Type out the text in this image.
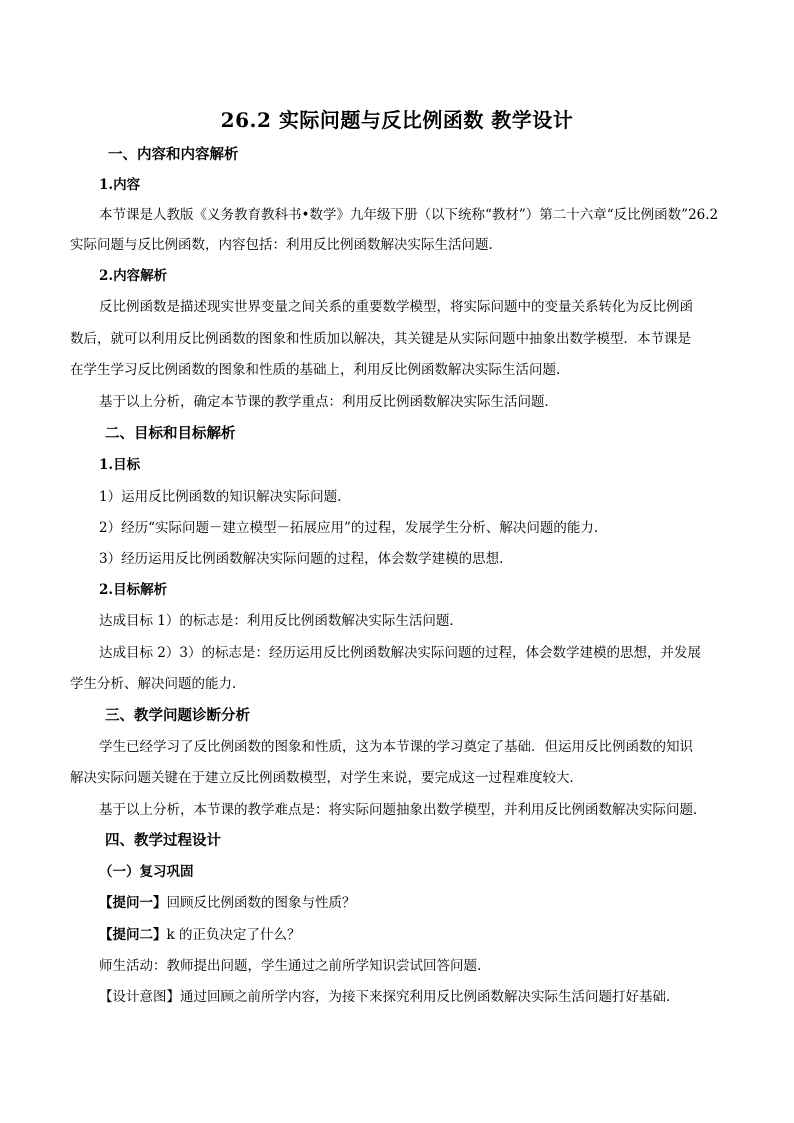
26.2 实际问题与反比例函数 教学设计
一、内容和内容解析
1.内容
本节课是人教版《义务教育教科书•数学》九年级下册（以下统称“教材”）第二十六章“反比例函数”26.2
实际问题与反比例函数，内容包括：利用反比例函数解决实际生活问题.
2.内容解析
反比例函数是描述现实世界变量之间关系的重要数学模型，将实际问题中的变量关系转化为反比例函
数后，就可以利用反比例函数的图象和性质加以解决，其关键是从实际问题中抽象出数学模型．本节课是
在学生学习反比例函数的图象和性质的基础上，利用反比例函数解决实际生活问题.
基于以上分析，确定本节课的教学重点：利用反比例函数解决实际生活问题．
二、目标和目标解析
1.目标
1）运用反比例函数的知识解决实际问题.
2）经历“实际问题－建立模型－拓展应用”的过程，发展学生分析、解决问题的能力.
3）经历运用反比例函数解决实际问题的过程，体会数学建模的思想.
2.目标解析
达成目标 1）的标志是：利用反比例函数解决实际生活问题．
达成目标 2）3）的标志是：经历运用反比例函数解决实际问题的过程，体会数学建模的思想，并发展
学生分析、解决问题的能力.
三、教学问题诊断分析
学生已经学习了反比例函数的图象和性质，这为本节课的学习奠定了基础．但运用反比例函数的知识
解决实际问题关键在于建立反比例函数模型，对学生来说，要完成这一过程难度较大．
基于以上分析，本节课的教学难点是：将实际问题抽象出数学模型，并利用反比例函数解决实际问题．
四、教学过程设计
（一）复习巩固
【提问一】回顾反比例函数的图象与性质？
【提问二】k 的正负决定了什么？
师生活动：教师提出问题，学生通过之前所学知识尝试回答问题.
【设计意图】通过回顾之前所学内容，为接下来探究利用反比例函数解决实际生活问题打好基础．
